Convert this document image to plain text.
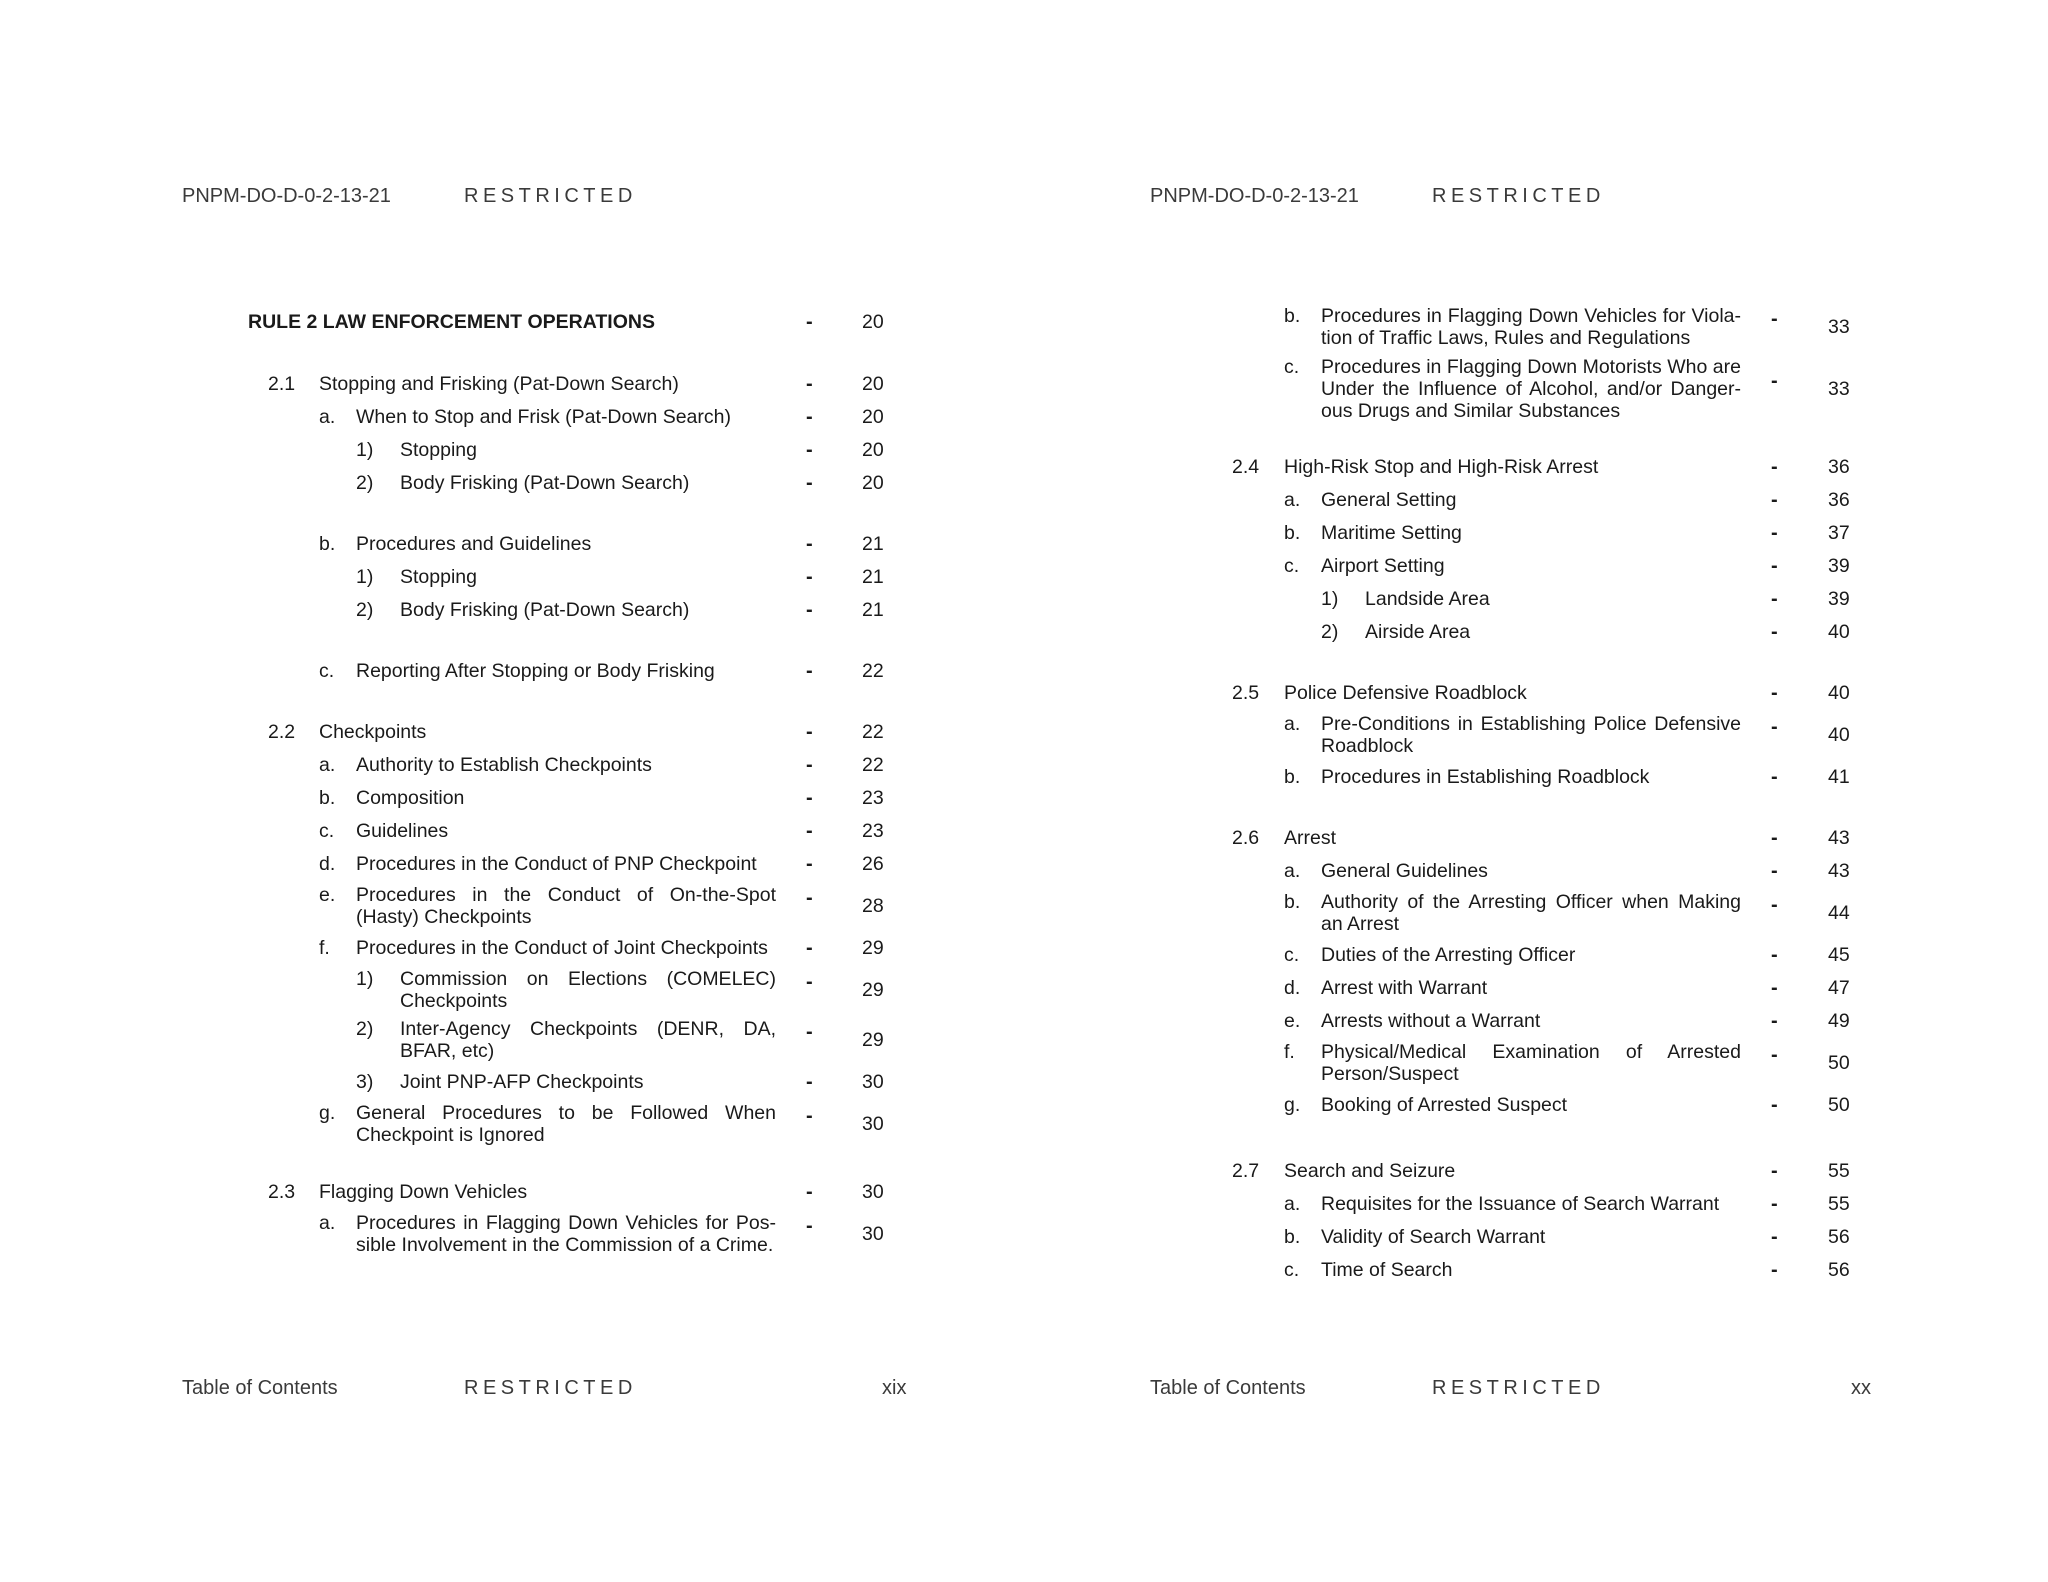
PNPM-DO-D-0-2-13-21	RESTRICTED
RULE 2 LAW ENFORCEMENT OPERATIONS	-	20
2.1 Stopping and Frisking (Pat-Down Search)	-	20
a. When to Stop and Frisk (Pat-Down Search)	-	20
1) Stopping	-	20
2) Body Frisking (Pat-Down Search)	-	20
b. Procedures and Guidelines	-	21
1) Stopping	-	21
2) Body Frisking (Pat-Down Search)	-	21
c. Reporting After Stopping or Body Frisking	-	22
2.2 Checkpoints	-	22
a. Authority to Establish Checkpoints	-	22
b. Composition	-	23
c. Guidelines	-	23
d. Procedures in the Conduct of PNP Checkpoint	-	26
e. Procedures in the Conduct of On-the-Spot (Hasty) Checkpoints
-	28
f. Procedures in the Conduct of Joint Checkpoints	-	29
1) Commission on Elections (COMELEC) Checkpoints
-	29
2) Inter-Agency Checkpoints (DENR, DA, BFAR, etc)
-	29
3) Joint PNP-AFP Checkpoints	-	30
g. General Procedures to be Followed When Checkpoint is Ignored
-	30
2.3 Flagging Down Vehicles	-	30
a. Procedures in Flagging Down Vehicles for Pos-sible Involvement in the Commission of a Crime.
-	30
Table of Contents	RESTRICTED	xix
PNPM-DO-D-0-2-13-21	RESTRICTED
b. Procedures in Flagging Down Vehicles for Viola-tion of Traffic Laws, Rules and Regulations
-	33
c. Procedures in Flagging Down Motorists Who are Under the Influence of Alcohol, and/or Danger-ous Drugs and Similar Substances
-	33
2.4 High-Risk Stop and High-Risk Arrest	-	36
a. General Setting	-	36
b. Maritime Setting	-	37
c. Airport Setting	-	39
1) Landside Area	-	39
2) Airside Area	-	40
2.5 Police Defensive Roadblock	-	40
a. Pre-Conditions in Establishing Police Defensive Roadblock
-	40
b. Procedures in Establishing Roadblock	-	41
2.6 Arrest	-	43
a. General Guidelines	-	43
b. Authority of the Arresting Officer when Making an Arrest
-	44
c. Duties of the Arresting Officer	-	45
d. Arrest with Warrant	-	47
e. Arrests without a Warrant	-	49
f. Physical/Medical Examination of Arrested Person/Suspect
-	50
g. Booking of Arrested Suspect	-	50
2.7 Search and Seizure	-	55
a. Requisites for the Issuance of Search Warrant	-	55
b. Validity of Search Warrant	-	56
c. Time of Search	-	56
Table of Contents	RESTRICTED	xx
